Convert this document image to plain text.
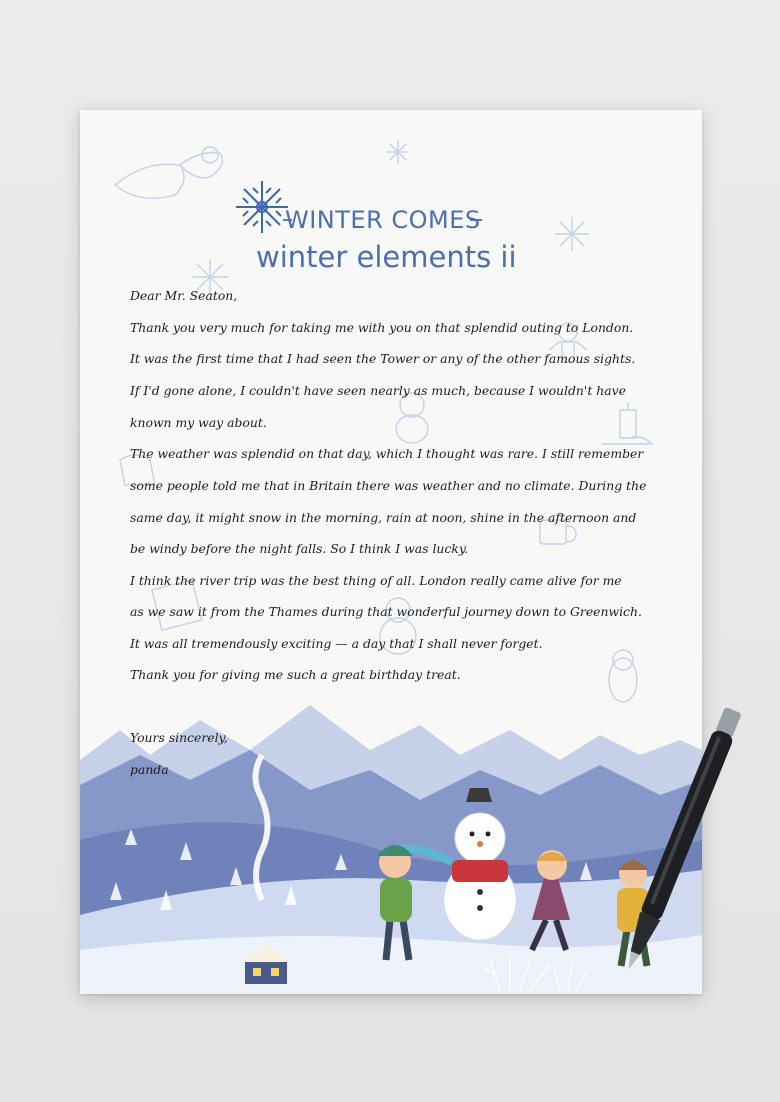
WINTER COMES
winter elements ii
Dear Mr. Seaton,
Thank you very much for taking me with you on that splendid outing to London.
It was the first time that I had seen the Tower or any of the other famous sights.
If I'd gone alone, I couldn't have seen nearly as much, because I wouldn't have
known my way about.
The weather was splendid on that day, which I thought was rare. I still remember
some people told me that in Britain there was weather and no climate. During the
same day, it might snow in the morning, rain at noon, shine in the afternoon and
be windy before the night falls. So I think I was lucky.
I think the river trip was the best thing of all. London really came alive for me
as we saw it from the Thames during that wonderful journey down to Greenwich.
It was all tremendously exciting — a day that I shall never forget.
Thank you for giving me such a great birthday treat.
Yours sincerely,
panda
